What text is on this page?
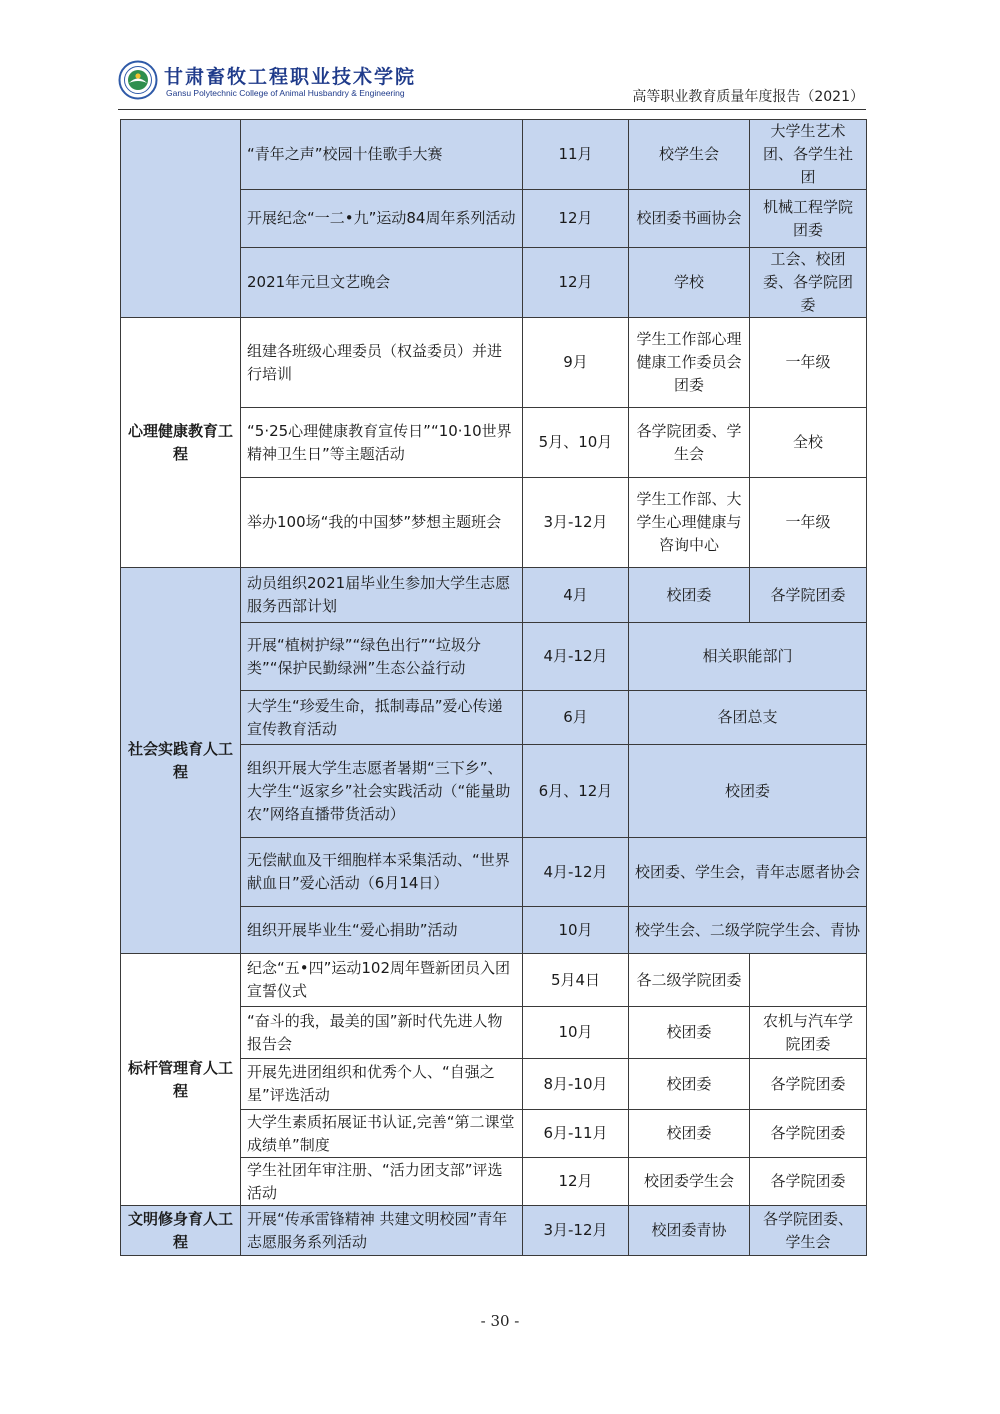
甘肃畜牧工程职业技术学院
Gansu Polytechnic College of Animal Husbandry & Engineering	高等职业教育质量年度报告（2021）
	“青年之声”校园十佳歌手大赛	11月	校学生会	大学生艺术团、各学生社团
	开展纪念“一二•九”运动84周年系列活动	12月	校团委书画协会	机械工程学院团委
	2021年元旦文艺晚会	12月	学校	工会、校团委、各学院团委
心理健康教育工程	组建各班级心理委员（权益委员）并进行培训	9月	学生工作部心理健康工作委员会团委	一年级
	“5·25心理健康教育宣传日”“10·10世界精神卫生日”等主题活动	5月、10月	各学院团委、学生会	全校
	举办100场“我的中国梦”梦想主题班会	3月-12月	学生工作部、大学生心理健康与咨询中心	一年级
社会实践育人工程	动员组织2021届毕业生参加大学生志愿服务西部计划	4月	校团委	各学院团委
	开展“植树护绿”“绿色出行”“垃圾分类”“保护民勤绿洲”生态公益行动	4月-12月	相关职能部门	
	大学生“珍爱生命，抵制毒品”爱心传递宣传教育活动	6月	各团总支	
	组织开展大学生志愿者暑期“三下乡”、大学生“返家乡”社会实践活动（“能量助农”网络直播带货活动）	6月、12月	校团委	
	无偿献血及干细胞样本采集活动、“世界献血日”爱心活动（6月14日）	4月-12月	校团委、学生会，青年志愿者协会	
	组织开展毕业生“爱心捐助”活动	10月	校学生会、二级学院学生会、青协	
标杆管理育人工程	纪念“五•四”运动102周年暨新团员入团宣誓仪式	5月4日	各二级学院团委	
	“奋斗的我，最美的国”新时代先进人物报告会	10月	校团委	农机与汽车学院团委
	开展先进团组织和优秀个人、“自强之星”评选活动	8月-10月	校团委	各学院团委
	大学生素质拓展证书认证,完善“第二课堂成绩单”制度	6月-11月	校团委	各学院团委
	学生社团年审注册、“活力团支部”评选活动	12月	校团委学生会	各学院团委
文明修身育人工程	开展“传承雷锋精神 共建文明校园”青年志愿服务系列活动	3月-12月	校团委青协	各学院团委、学生会
- 30 -
